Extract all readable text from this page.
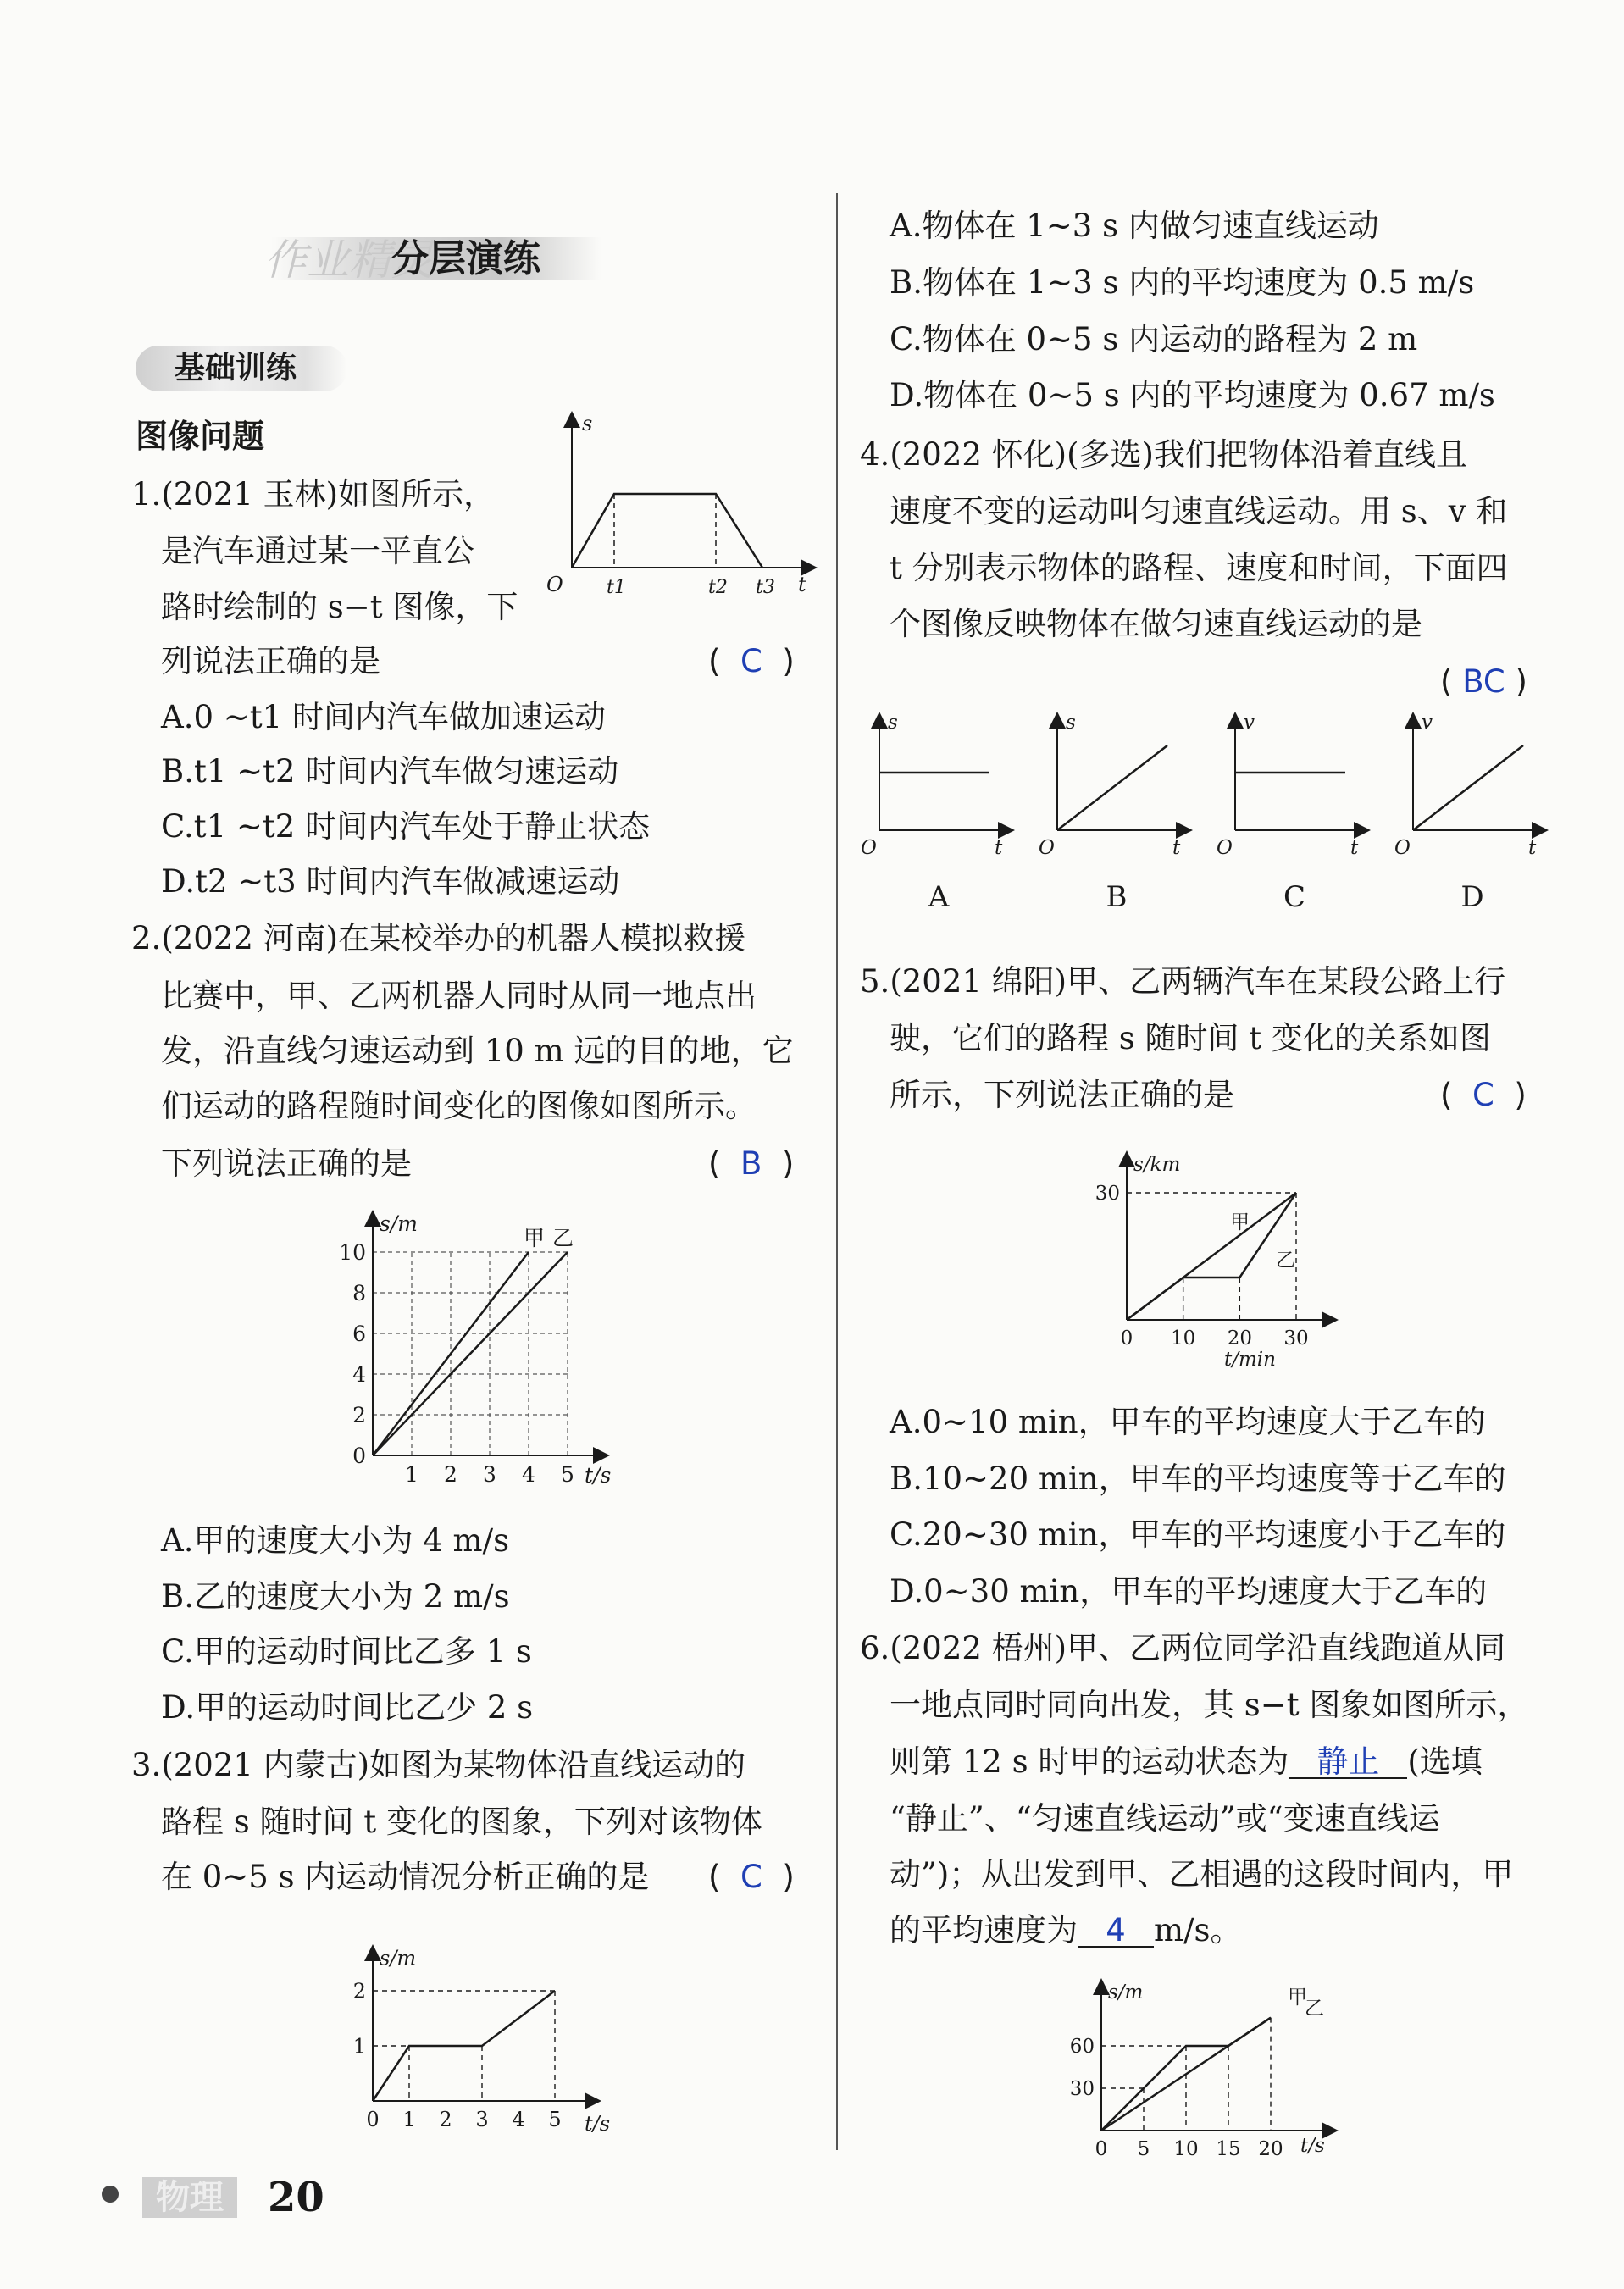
作业精灵
分层演练
基础训练
图像问题
1.(2021 玉林)如图所示，
是汽车通过某一平直公
路时绘制的 s−t 图像，下
列说法正确的是	(  C  )
A.0 ~t1 时间内汽车做加速运动
B.t1 ~t2 时间内汽车做匀速运动
C.t1 ~t2 时间内汽车处于静止状态
D.t2 ~t3 时间内汽车做减速运动
s
O t1	t2 t3 t
2.(2022 河南)在某校举办的机器人模拟救援
比赛中，甲、乙两机器人同时从同一地点出
发，沿直线匀速运动到 10 m 远的目的地，它
们运动的路程随时间变化的图像如图所示。
下列说法正确的是	(  B  )
1 2 3 4 5
0
2
4
6
8
10
s/m
t/s
甲 乙
A.甲的速度大小为 4 m/s
B.乙的速度大小为 2 m/s
C.甲的运动时间比乙多 1 s
D.甲的运动时间比乙少 2 s
3.(2021 内蒙古)如图为某物体沿直线运动的
路程 s 随时间 t 变化的图象，下列对该物体
在 0~5 s 内运动情况分析正确的是 (  C  )
0 1 2 3 4 5
1
2
s/m
t/s
A.物体在 1~3 s 内做匀速直线运动
B.物体在 1~3 s 内的平均速度为 0.5 m/s
C.物体在 0~5 s 内运动的路程为 2 m
D.物体在 0~5 s 内的平均速度为 0.67 m/s
4.(2022 怀化)(多选)我们把物体沿着直线且
速度不变的运动叫匀速直线运动。用 s、v 和
t 分别表示物体的路程、速度和时间，下面四
个图像反映物体在做匀速直线运动的是
( BC )
s
O	t
A
s
O	t
B
v
O	t
C
v
O	t
D
5.(2021 绵阳)甲、乙两辆汽车在某段公路上行
驶，它们的路程 s 随时间 t 变化的关系如图
所示，下列说法正确的是	(  C  )
0 10 20 30
30
s/km
t/min
甲
乙
A.0~10 min，甲车的平均速度大于乙车的
B.10~20 min，甲车的平均速度等于乙车的
C.20~30 min，甲车的平均速度小于乙车的
D.0~30 min，甲车的平均速度大于乙车的
6.(2022 梧州)甲、乙两位同学沿直线跑道从同
一地点同时同向出发，其 s−t 图象如图所示，
则第 12 s 时甲的运动状态为 静止 (选填
“静止”、“匀速直线运动”或“变速直线运
动”)；从出发到甲、乙相遇的这段时间内，甲
的平均速度为 4 m/s。
0 5 10 15 20
30
60
s/m
t/s
甲
乙
物理	20
